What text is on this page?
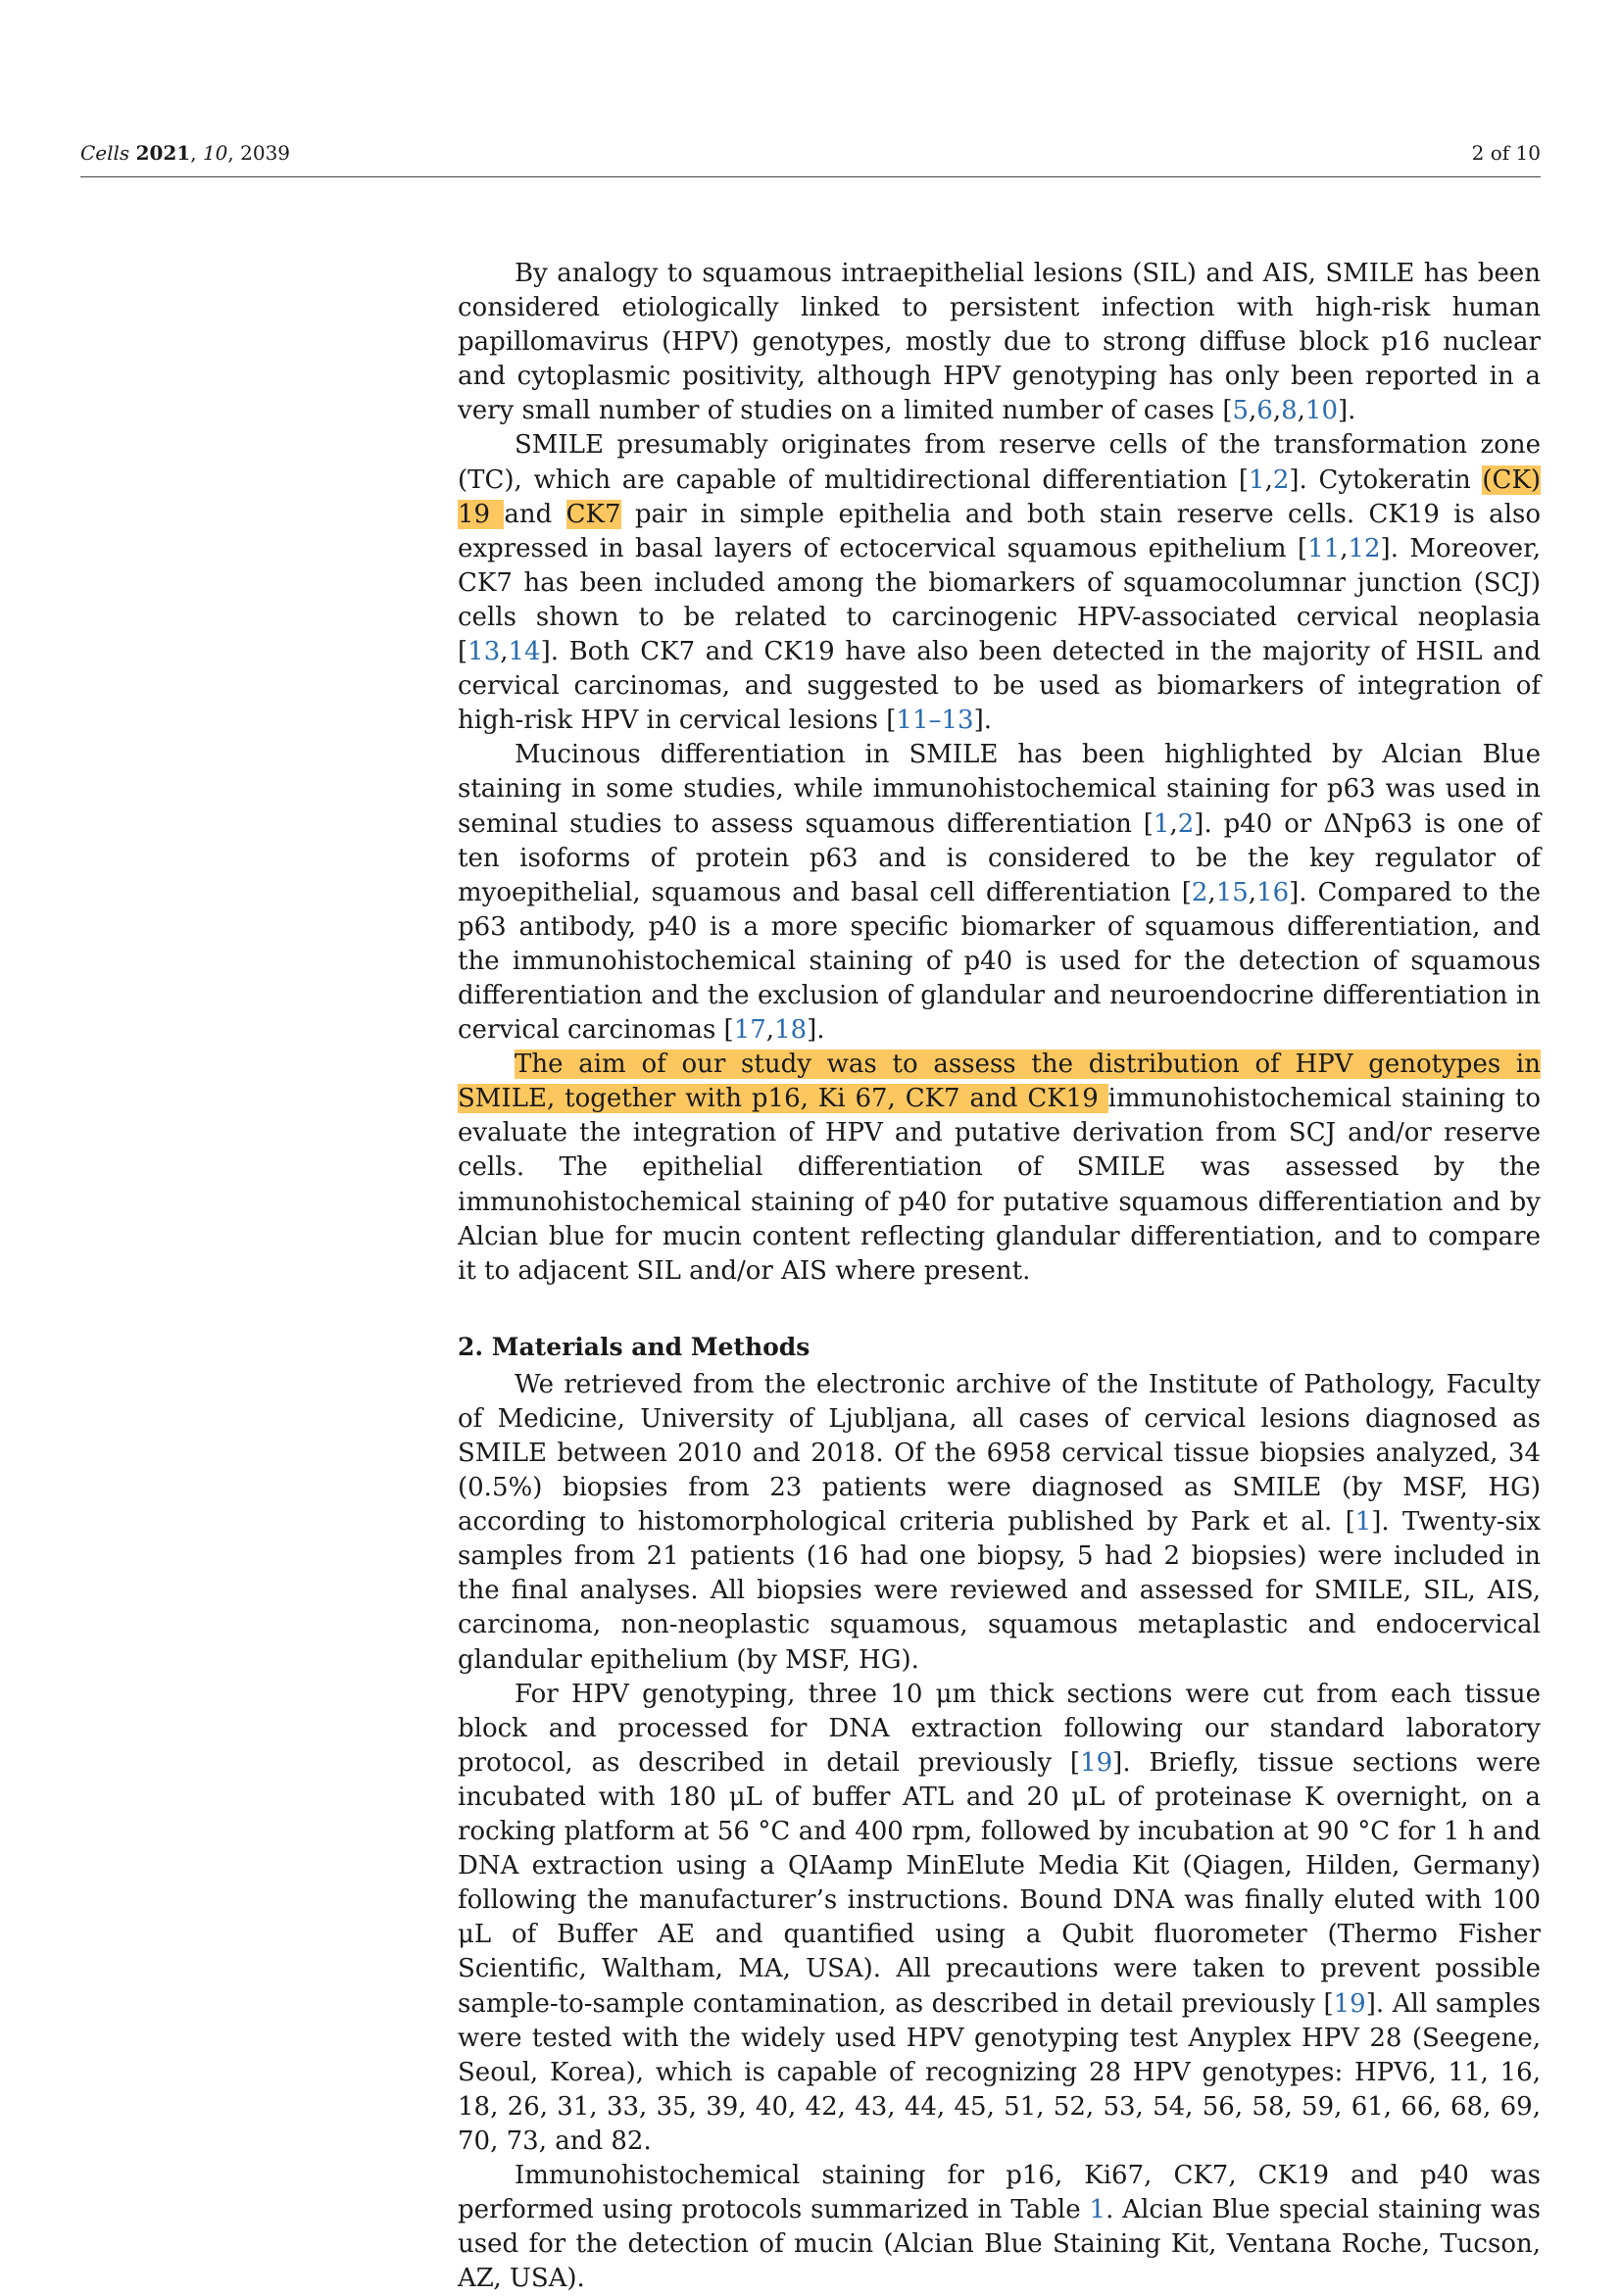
Cells 2021, 10, 2039	2 of 10

By analogy to squamous intraepithelial lesions (SIL) and AIS, SMILE has been considered etiologically linked to persistent infection with high-risk human papillomavirus (HPV) genotypes, mostly due to strong diffuse block p16 nuclear and cytoplasmic positivity, although HPV genotyping has only been reported in a very small number of studies on a limited number of cases [5,6,8,10].

SMILE presumably originates from reserve cells of the transformation zone (TC), which are capable of multidirectional differentiation [1,2]. Cytokeratin (CK) 19 and CK7 pair in simple epithelia and both stain reserve cells. CK19 is also expressed in basal layers of ectocervical squamous epithelium [11,12]. Moreover, CK7 has been included among the biomarkers of squamocolumnar junction (SCJ) cells shown to be related to carcinogenic HPV-associated cervical neoplasia [13,14]. Both CK7 and CK19 have also been detected in the majority of HSIL and cervical carcinomas, and suggested to be used as biomarkers of integration of high-risk HPV in cervical lesions [11–13].

Mucinous differentiation in SMILE has been highlighted by Alcian Blue staining in some studies, while immunohistochemical staining for p63 was used in seminal studies to assess squamous differentiation [1,2]. p40 or ΔNp63 is one of ten isoforms of protein p63 and is considered to be the key regulator of myoepithelial, squamous and basal cell differentiation [2,15,16]. Compared to the p63 antibody, p40 is a more specific biomarker of squamous differentiation, and the immunohistochemical staining of p40 is used for the detection of squamous differentiation and the exclusion of glandular and neuroendocrine differentiation in cervical carcinomas [17,18].

The aim of our study was to assess the distribution of HPV genotypes in SMILE, together with p16, Ki 67, CK7 and CK19 immunohistochemical staining to evaluate the integration of HPV and putative derivation from SCJ and/or reserve cells. The epithelial differentiation of SMILE was assessed by the immunohistochemical staining of p40 for putative squamous differentiation and by Alcian blue for mucin content reflecting glandular differentiation, and to compare it to adjacent SIL and/or AIS where present.

2. Materials and Methods

We retrieved from the electronic archive of the Institute of Pathology, Faculty of Medicine, University of Ljubljana, all cases of cervical lesions diagnosed as SMILE between 2010 and 2018. Of the 6958 cervical tissue biopsies analyzed, 34 (0.5%) biopsies from 23 patients were diagnosed as SMILE (by MSF, HG) according to histomorphological criteria published by Park et al. [1]. Twenty-six samples from 21 patients (16 had one biopsy, 5 had 2 biopsies) were included in the final analyses. All biopsies were reviewed and assessed for SMILE, SIL, AIS, carcinoma, non-neoplastic squamous, squamous metaplastic and endocervical glandular epithelium (by MSF, HG).

For HPV genotyping, three 10 μm thick sections were cut from each tissue block and processed for DNA extraction following our standard laboratory protocol, as described in detail previously [19]. Briefly, tissue sections were incubated with 180 μL of buffer ATL and 20 μL of proteinase K overnight, on a rocking platform at 56 °C and 400 rpm, followed by incubation at 90 °C for 1 h and DNA extraction using a QIAamp MinElute Media Kit (Qiagen, Hilden, Germany) following the manufacturer’s instructions. Bound DNA was finally eluted with 100 μL of Buffer AE and quantified using a Qubit fluorometer (Thermo Fisher Scientific, Waltham, MA, USA). All precautions were taken to prevent possible sample-to-sample contamination, as described in detail previously [19]. All samples were tested with the widely used HPV genotyping test Anyplex HPV 28 (Seegene, Seoul, Korea), which is capable of recognizing 28 HPV genotypes: HPV6, 11, 16, 18, 26, 31, 33, 35, 39, 40, 42, 43, 44, 45, 51, 52, 53, 54, 56, 58, 59, 61, 66, 68, 69, 70, 73, and 82.

Immunohistochemical staining for p16, Ki67, CK7, CK19 and p40 was performed using protocols summarized in Table 1. Alcian Blue special staining was used for the detection of mucin (Alcian Blue Staining Kit, Ventana Roche, Tucson, AZ, USA).
